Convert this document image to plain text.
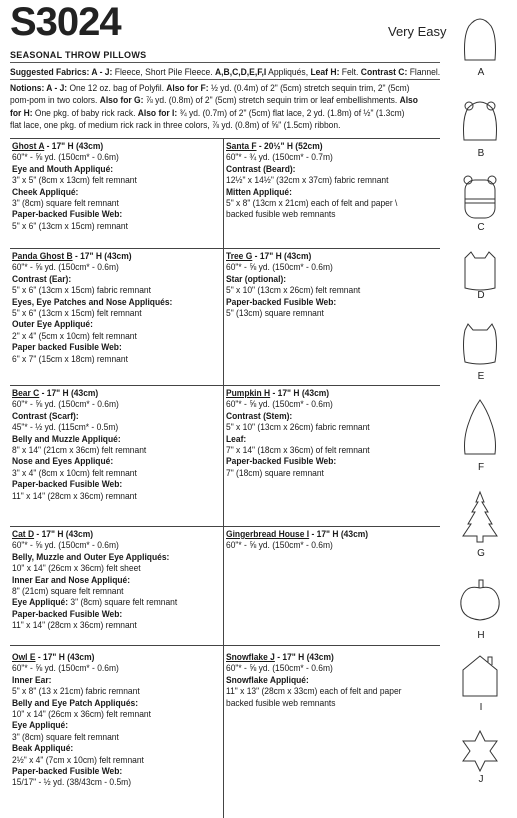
S3024	Very Easy
SEASONAL THROW PILLOWS
Suggested Fabrics: A - J: Fleece, Short Pile Fleece. A,B,C,D,E,F,I Appliqués, Leaf H: Felt. Contrast C: Flannel.
Notions: A - J: One 12 oz. bag of Polyfil. Also for F: ½ yd. (0.4m) of 2" (5cm) stretch sequin trim, 2" (5cm)
pom-pom in two colors. Also for G: ⅞ yd. (0.8m) of 2" (5cm) stretch sequin trim or leaf embellishments. Also
for H: One pkg. of baby rick rack. Also for I: ¾ yd. (0.7m) of 2" (5cm) flat lace, 2 yd. (1.8m) of ½" (1.3cm)
flat lace, one pkg. of medium rick rack in three colors, ⅞ yd. (0.8m) of ⅝" (1.5cm) ribbon.
Ghost A - 17" H (43cm)
60"* - ⅝ yd. (150cm* - 0.6m)
Eye and Mouth Appliqué:
3" x 5" (8cm x 13cm) felt remnant
Cheek Appliqué:
3" (8cm) square felt remnant
Paper-backed Fusible Web:
5" x 6" (13cm x 15cm) remnant
Santa F - 20½" H (52cm)
60"* - ¾ yd. (150cm* - 0.7m)
Contrast (Beard):
12½" x 14½" (32cm x 37cm) fabric remnant
Mitten Appliqué:
5" x 8" (13cm x 21cm) each of felt and paper \
backed fusible web remnants
Panda Ghost B - 17" H (43cm)
60"* - ⅝ yd. (150cm* - 0.6m)
Contrast (Ear):
5" x 6" (13cm x 15cm) fabric remnant
Eyes, Eye Patches and Nose Appliqués:
5" x 6" (13cm x 15cm) felt remnant
Outer Eye Appliqué:
2" x 4" (5cm x 10cm) felt remnant
Paper backed Fusible Web:
6" x 7" (15cm x 18cm) remnant
Tree G - 17" H (43cm)
60"* - ⅝ yd. (150cm* - 0.6m)
Star (optional):
5" x 10" (13cm x 26cm) felt remnant
Paper-backed Fusible Web:
5" (13cm) square remnant
Bear C - 17" H (43cm)
60"* - ⅝ yd. (150cm* - 0.6m)
Contrast (Scarf):
45"* - ½ yd. (115cm* - 0.5m)
Belly and Muzzle Appliqué:
8" x 14" (21cm x 36cm) felt remnant
Nose and Eyes Appliqué:
3" x 4" (8cm x 10cm) felt remnant
Paper-backed Fusible Web:
11" x 14" (28cm x 36cm) remnant
Pumpkin H - 17" H (43cm)
60"* - ⅝ yd. (150cm* - 0.6m)
Contrast (Stem):
5" x 10" (13cm x 26cm) fabric remnant
Leaf:
7" x 14" (18cm x 36cm) of felt remnant
Paper-backed Fusible Web:
7" (18cm) square remnant
Cat D - 17" H (43cm)
60"* - ⅝ yd. (150cm* - 0.6m)
Belly, Muzzle and Outer Eye Appliqués:
10" x 14" (26cm x 36cm) felt sheet
Inner Ear and Nose Appliqué:
8" (21cm) square felt remnant
Eye Appliqué: 3" (8cm) square felt remnant
Paper-backed Fusible Web:
11" x 14" (28cm x 36cm) remnant
Gingerbread House I - 17" H (43cm)
60"* - ⅝ yd. (150cm* - 0.6m)
Owl E - 17" H (43cm)
60"* - ⅝ yd. (150cm* - 0.6m)
Inner Ear:
5" x 8" (13 x 21cm) fabric remnant
Belly and Eye Patch Appliqués:
10" x 14" (26cm x 36cm) felt remnant
Eye Appliqué:
3" (8cm) square felt remnant
Beak Appliqué:
2½" x 4" (7cm x 10cm) felt remnant
Paper-backed Fusible Web:
15/17" - ½ yd. (38/43cm - 0.5m)
Snowflake J - 17" H (43cm)
60"* - ⅝ yd. (150cm* - 0.6m)
Snowflake Appliqué:
11" x 13" (28cm x 33cm) each of felt and paper
backed fusible web remnants
A
B
C
D
E
F
G
H
I
J
